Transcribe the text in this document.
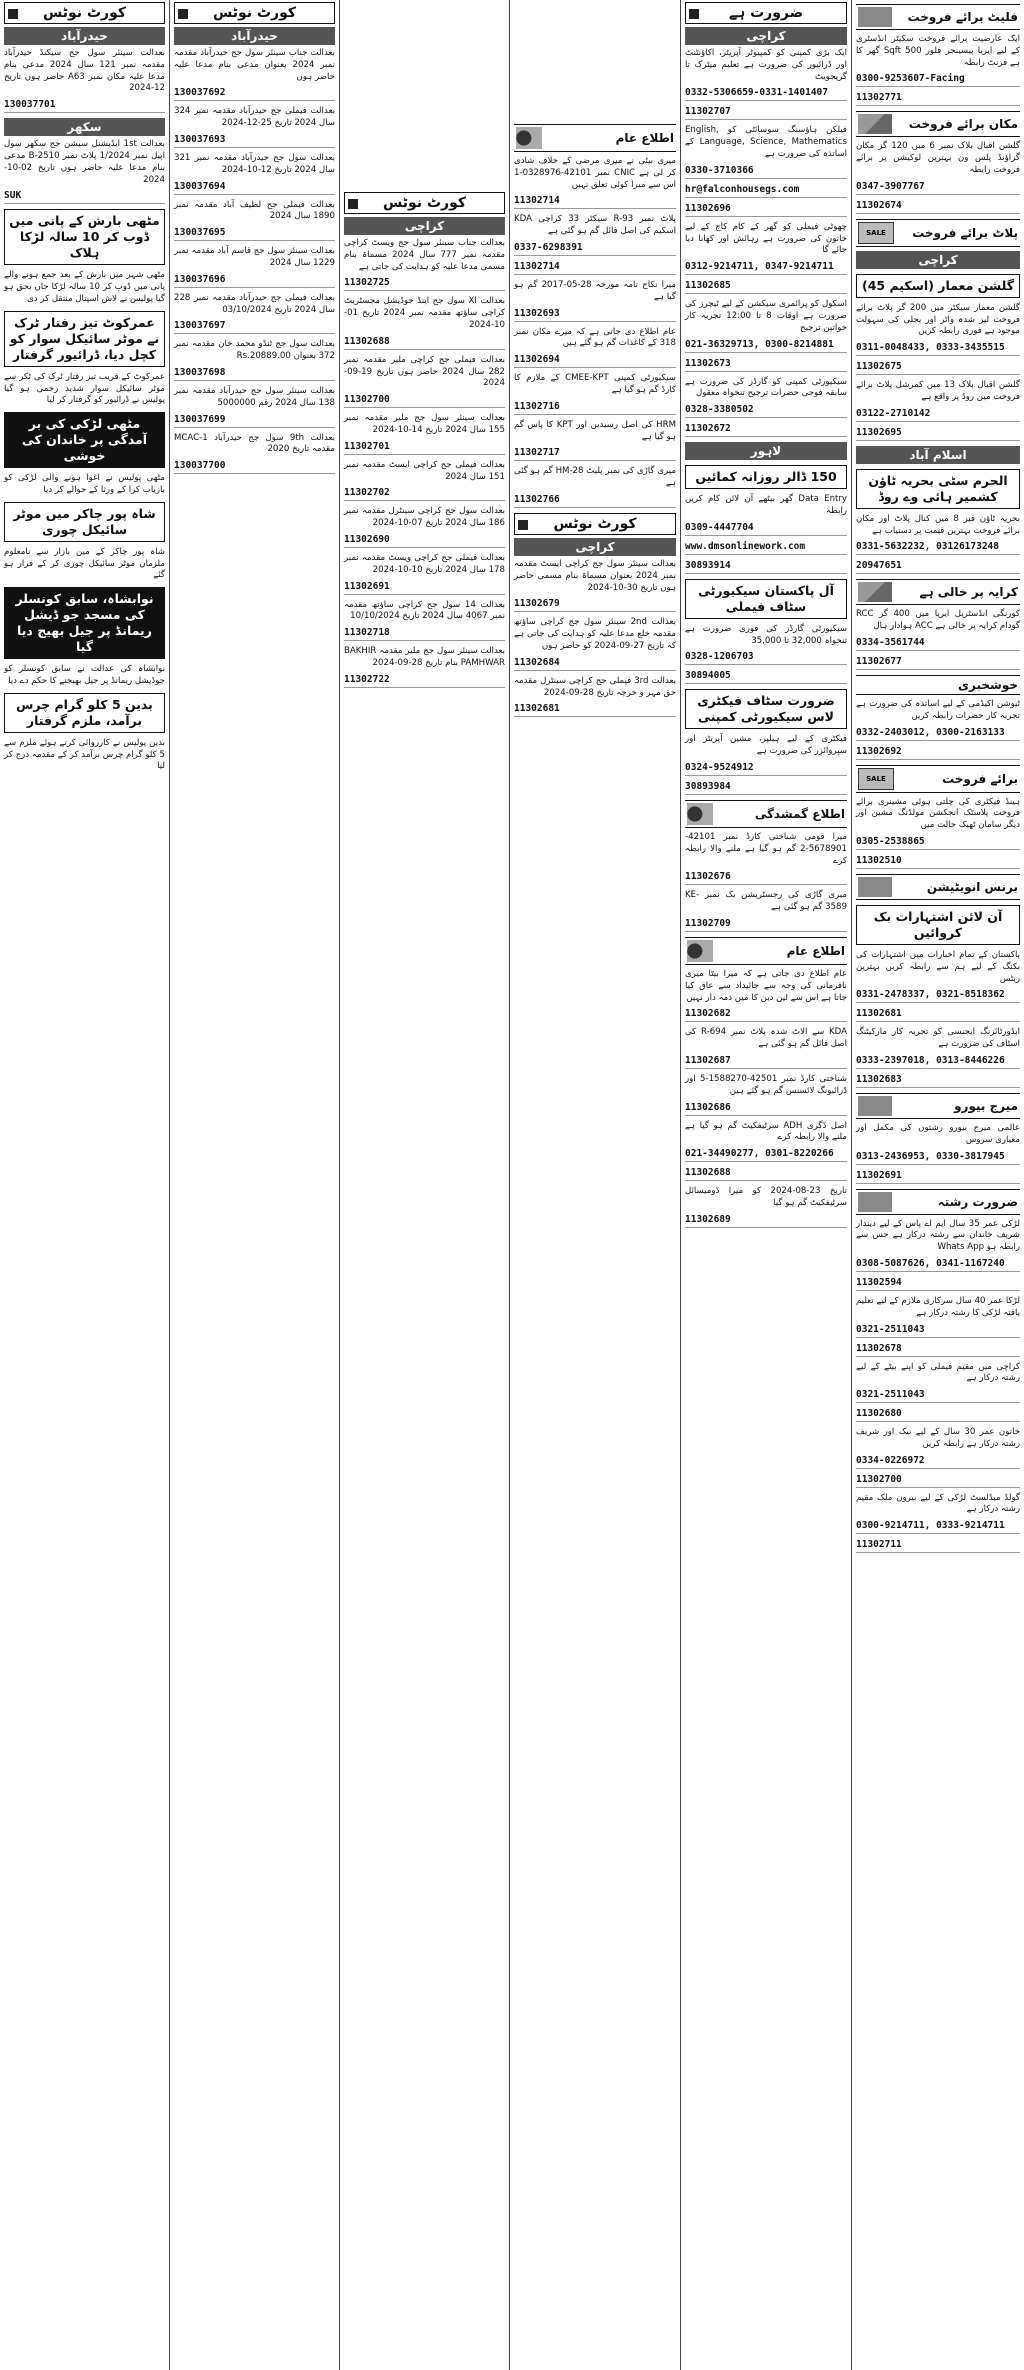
فلیٹ برائے فروخت
ایک عارضیت برائے فروخت سکیٹر انڈسٹری کے لیے ایریا پیسینجر فلور 500 Sqft گھر کا ہے فرنٹ رابطہ
0300-9253607-Facing
11302771
مکان برائے فروخت
گلشن اقبال بلاک نمبر 6 میں 120 گز مکان گراؤنڈ پلس ون بہترین لوکیشن پر برائے فروخت رابطہ
0347-3907767
11302674
پلاٹ برائے فروخت
SALE
کراچی
گلشن معمار (اسکیم 45)
گلشن معمار سیکٹر میں 200 گز پلاٹ برائے فروخت لیز شدہ واٹر اور بجلی کی سہولت موجود ہے فوری رابطہ کریں
0311-0048433, 0333-3435515
11302675
گلشن اقبال بلاک 13 میں کمرشل پلاٹ برائے فروخت مین روڈ پر واقع ہے
03122-2710142
11302695
اسلام آباد
الحرم سٹی بحریہ ٹاؤن کشمیر ہائی وے روڈ
بحریہ ٹاؤن فیز 8 میں کنال پلاٹ اور مکان برائے فروخت بہترین قیمت پر دستیاب ہے
0331-5632232, 03126173248
20947651
کرایہ پر خالی ہے
کورنگی انڈسٹریل ایریا میں 400 گز RCC گودام کرایہ پر خالی ہے ACC ہوادار ہال
0334-3561744
11302677
خوشخبری
ٹیوشن اکیڈمی کے لیے اساتذہ کی ضرورت ہے تجربہ کار حضرات رابطہ کریں
0332-2403012, 0300-2163133
11302692
برائے فروخت
SALE
ہینڈ فیکٹری کی چلتی ہوئی مشینری برائے فروخت پلاسٹک انجکشن مولڈنگ مشین اور دیگر سامان ٹھیک حالت میں
0305-2538865
11302510
برنس انویٹیشن
آن لائن اشتہارات بک کروائیں
پاکستان کے تمام اخبارات میں اشتہارات کی بکنگ کے لیے ہم سے رابطہ کریں بہترین ریٹس
0331-2478337, 0321-8518362
11302681
ایڈورٹائزنگ ایجنسی کو تجربہ کار مارکیٹنگ اسٹاف کی ضرورت ہے
0333-2397018, 0313-8446226
11302683
میرج بیورو
عالمی میرج بیورو رشتوں کی مکمل اور معیاری سروس
0313-2436953, 0330-3817945
11302691
ضرورت رشتہ
لڑکی عمر 35 سال ایم اے پاس کے لیے دیندار شریف خاندان سے رشتہ درکار ہے جس سے رابطہ ہو Whats App
0308-5087626, 0341-1167240
11302594
لڑکا عمر 40 سال سرکاری ملازم کے لیے تعلیم یافتہ لڑکی کا رشتہ درکار ہے
0321-2511043
11302678
کراچی میں مقیم فیملی کو اپنے بیٹے کے لیے رشتہ درکار ہے
0321-2511043
11302680
خاتون عمر 30 سال کے لیے نیک اور شریف رشتہ درکار ہے رابطہ کریں
0334-0226972
11302700
گولڈ میڈلسٹ لڑکی کے لیے بیرون ملک مقیم رشتہ درکار ہے
0300-9214711, 0333-9214711
11302711
ضرورت ہے
کراچی
ایک بڑی کمپنی کو کمپیوٹر آپریٹر، اکاؤنٹنٹ اور ڈرائیور کی ضرورت ہے تعلیم میٹرک تا گریجویٹ
0332-5306659-0331-1401407
11302707
فیلکن ہاؤسنگ سوسائٹی کو English, Language, Science, Mathematics کے اساتذہ کی ضرورت ہے
0330-3710366
hr@falconhousegs.com
11302696
چھوٹی فیملی کو گھر کے کام کاج کے لیے خاتون کی ضرورت ہے رہائش اور کھانا دیا جائے گا
0312-9214711, 0347-9214711
11302685
اسکول کو پرائمری سیکشن کے لیے ٹیچرز کی ضرورت ہے اوقات 8 تا 12:00 تجربہ کار خواتین ترجیح
021-36329713, 0300-8214881
11302673
سیکیورٹی کمپنی کو گارڈز کی ضرورت ہے سابقہ فوجی حضرات ترجیح تنخواہ معقول
0328-3380502
11302672
لاہور
150 ڈالر روزانہ کمائیں
Data Entry گھر بیٹھے آن لائن کام کریں رابطہ
0309-4447704
www.dmsonlinework.com
30893914
آل پاکستان سیکیورٹی سٹاف فیملی
سیکیورٹی گارڈز کی فوری ضرورت ہے تنخواہ 32,000 تا 35,000
0328-1206703
30894005
ضرورت سٹاف فیکٹری لاس سیکیورٹی کمپنی
فیکٹری کے لیے ہیلپر، مشین آپریٹر اور سپروائزر کی ضرورت ہے
0324-9524912
30893984
اطلاع گمشدگی
میرا قومی شناختی کارڈ نمبر 42101-5678901-2 گم ہو گیا ہے ملنے والا رابطہ کرے
11302676
میری گاڑی کی رجسٹریشن بک نمبر KE-3589 گم ہو گئی ہے
11302709
اطلاع عام
عام اطلاع دی جاتی ہے کہ میرا بیٹا میری نافرمانی کی وجہ سے جائیداد سے عاق کیا جاتا ہے اس سے لین دین کا میں ذمہ دار نہیں
11302682
KDA سے الاٹ شدہ پلاٹ نمبر R-694 کی اصل فائل گم ہو گئی ہے
11302687
شناختی کارڈ نمبر 42501-1588270-5 اور ڈرائیونگ لائسنس گم ہو گئے ہیں
11302686
اصل ڈگری ADH سرٹیفکیٹ گم ہو گیا ہے ملنے والا رابطہ کرے
021-34490277, 0301-8220266
11302688
تاریخ 23-08-2024 کو میرا ڈومیسائل سرٹیفکیٹ گم ہو گیا
11302689
اطلاع عام
میری بیٹی نے میری مرضی کے خلاف شادی کر لی ہے CNIC نمبر 42101-0328976-1 اس سے میرا کوئی تعلق نہیں
11302714
پلاٹ نمبر R-93 سیکٹر 33 کراچی KDA اسکیم کی اصل فائل گم ہو گئی ہے
0337-6298391
11302714
میرا نکاح نامہ مورخہ 28-05-2017 گم ہو گیا ہے
11302693
عام اطلاع دی جاتی ہے کہ میرے مکان نمبر 318 کے کاغذات گم ہو گئے ہیں
11302694
سیکیورٹی کمپنی CMEE-KPT کے ملازم کا کارڈ گم ہو گیا ہے
11302716
HRM کی اصل رسیدیں اور KPT کا پاس گم ہو گیا ہے
11302717
میری گاڑی کی نمبر پلیٹ HM-28 گم ہو گئی ہے
11302766
کورٹ نوٹس
کراچی
بعدالت سینئر سول جج کراچی ایسٹ مقدمہ نمبر 2024 بعنوان مسماۃ بنام مسمی حاضر ہوں تاریخ 30-10-2024
11302679
بعدالت 2nd سینئر سول جج کراچی ساؤتھ مقدمہ خلع مدعا علیہ کو ہدایت کی جاتی ہے کہ تاریخ 27-09-2024 کو حاضر ہوں
11302684
بعدالت 3rd فیملی جج کراچی سینٹرل مقدمہ حق مہر و خرچہ تاریخ 28-09-2024
11302681
کورٹ نوٹس
کراچی
بعدالت جناب سینئر سول جج ویسٹ کراچی مقدمہ نمبر 777 سال 2024 مسماۃ بنام مسمی مدعا علیہ کو ہدایت کی جاتی ہے
11302725
بعدالت XI سول جج اینڈ جوڈیشل مجسٹریٹ کراچی ساؤتھ مقدمہ نمبر 2024 تاریخ 01-10-2024
11302688
بعدالت فیملی جج کراچی ملیر مقدمہ نمبر 282 سال 2024 حاضر ہوں تاریخ 19-09-2024
11302700
بعدالت سینئر سول جج ملیر مقدمہ نمبر 155 سال 2024 تاریخ 14-10-2024
11302701
بعدالت فیملی جج کراچی ایسٹ مقدمہ نمبر 151 سال 2024
11302702
بعدالت سول جج کراچی سینٹرل مقدمہ نمبر 186 سال 2024 تاریخ 07-10-2024
11302690
بعدالت فیملی جج کراچی ویسٹ مقدمہ نمبر 178 سال 2024 تاریخ 10-10-2024
11302691
بعدالت 14 سول جج کراچی ساؤتھ مقدمہ نمبر 4067 سال 2024 تاریخ 10/10/2024
11302718
بعدالت سینئر سول جج ملیر مقدمہ BAKHIR PAMHWAR بنام تاریخ 28-09-2024
11302722
کورٹ نوٹس
حیدرآباد
بعدالت جناب سینئر سول جج حیدرآباد مقدمہ نمبر 2024 بعنوان مدعی بنام مدعا علیہ حاضر ہوں
130037692
بعدالت فیملی جج حیدرآباد مقدمہ نمبر 324 سال 2024 تاریخ 25-12-2024
130037693
بعدالت سول جج حیدرآباد مقدمہ نمبر 321 سال 2024 تاریخ 12-10-2024
130037694
بعدالت فیملی جج لطیف آباد مقدمہ نمبر 1890 سال 2024
130037695
بعدالت سینئر سول جج قاسم آباد مقدمہ نمبر 1229 سال 2024
130037696
بعدالت فیملی جج حیدرآباد مقدمہ نمبر 228 سال 2024 تاریخ 03/10/2024
130037697
بعدالت سول جج ٹنڈو محمد خان مقدمہ نمبر 372 بعنوان Rs.20889.00
130037698
بعدالت سینئر سول جج حیدرآباد مقدمہ نمبر 138 سال 2024 رقم 5000000
130037699
بعدالت 9th سول جج حیدرآباد MCAC-1 مقدمہ تاریخ 2020
130037700
کورٹ نوٹس
حیدرآباد
بعدالت سینئر سول جج سیکنڈ حیدرآباد مقدمہ نمبر 121 سال 2024 مدعی بنام مدعا علیہ مکان نمبر A63 حاضر ہوں تاریخ 12-2024
130037701
سکھر
بعدالت 1st ایڈیشنل سیشن جج سکھر سول اپیل نمبر 1/2024 پلاٹ نمبر B-2510 مدعی بنام مدعا علیہ حاضر ہوں تاریخ 02-10-2024
SUK
مٹھی بارش کے پانی میں ڈوب کر 10 سالہ لڑکا ہلاک
مٹھی شہر میں بارش کے بعد جمع ہونے والے پانی میں ڈوب کر 10 سالہ لڑکا جاں بحق ہو گیا پولیس نے لاش اسپتال منتقل کر دی
عمرکوٹ تیز رفتار ٹرک نے موٹر سائیکل سوار کو کچل دیا، ڈرائیور گرفتار
عمرکوٹ کے قریب تیز رفتار ٹرک کی ٹکر سے موٹر سائیکل سوار شدید زخمی ہو گیا پولیس نے ڈرائیور کو گرفتار کر لیا
مٹھی لڑکی کی بر آمدگی پر خاندان کی خوشی
مٹھی پولیس نے اغوا ہونے والی لڑکی کو بازیاب کرا کے ورثا کے حوالے کر دیا
شاہ پور چاکر میں موٹر سائیکل چوری
شاہ پور چاکر کے مین بازار سے نامعلوم ملزمان موٹر سائیکل چوری کر کے فرار ہو گئے
نوابشاہ، سابق کونسلر کی مسجد جو ڈیشل ریمانڈ پر جیل بھیج دیا گیا
نوابشاہ کی عدالت نے سابق کونسلر کو جوڈیشل ریمانڈ پر جیل بھیجنے کا حکم دے دیا
بدین 5 کلو گرام چرس برآمد، ملزم گرفتار
بدین پولیس نے کارروائی کرتے ہوئے ملزم سے 5 کلو گرام چرس برآمد کر کے مقدمہ درج کر لیا
